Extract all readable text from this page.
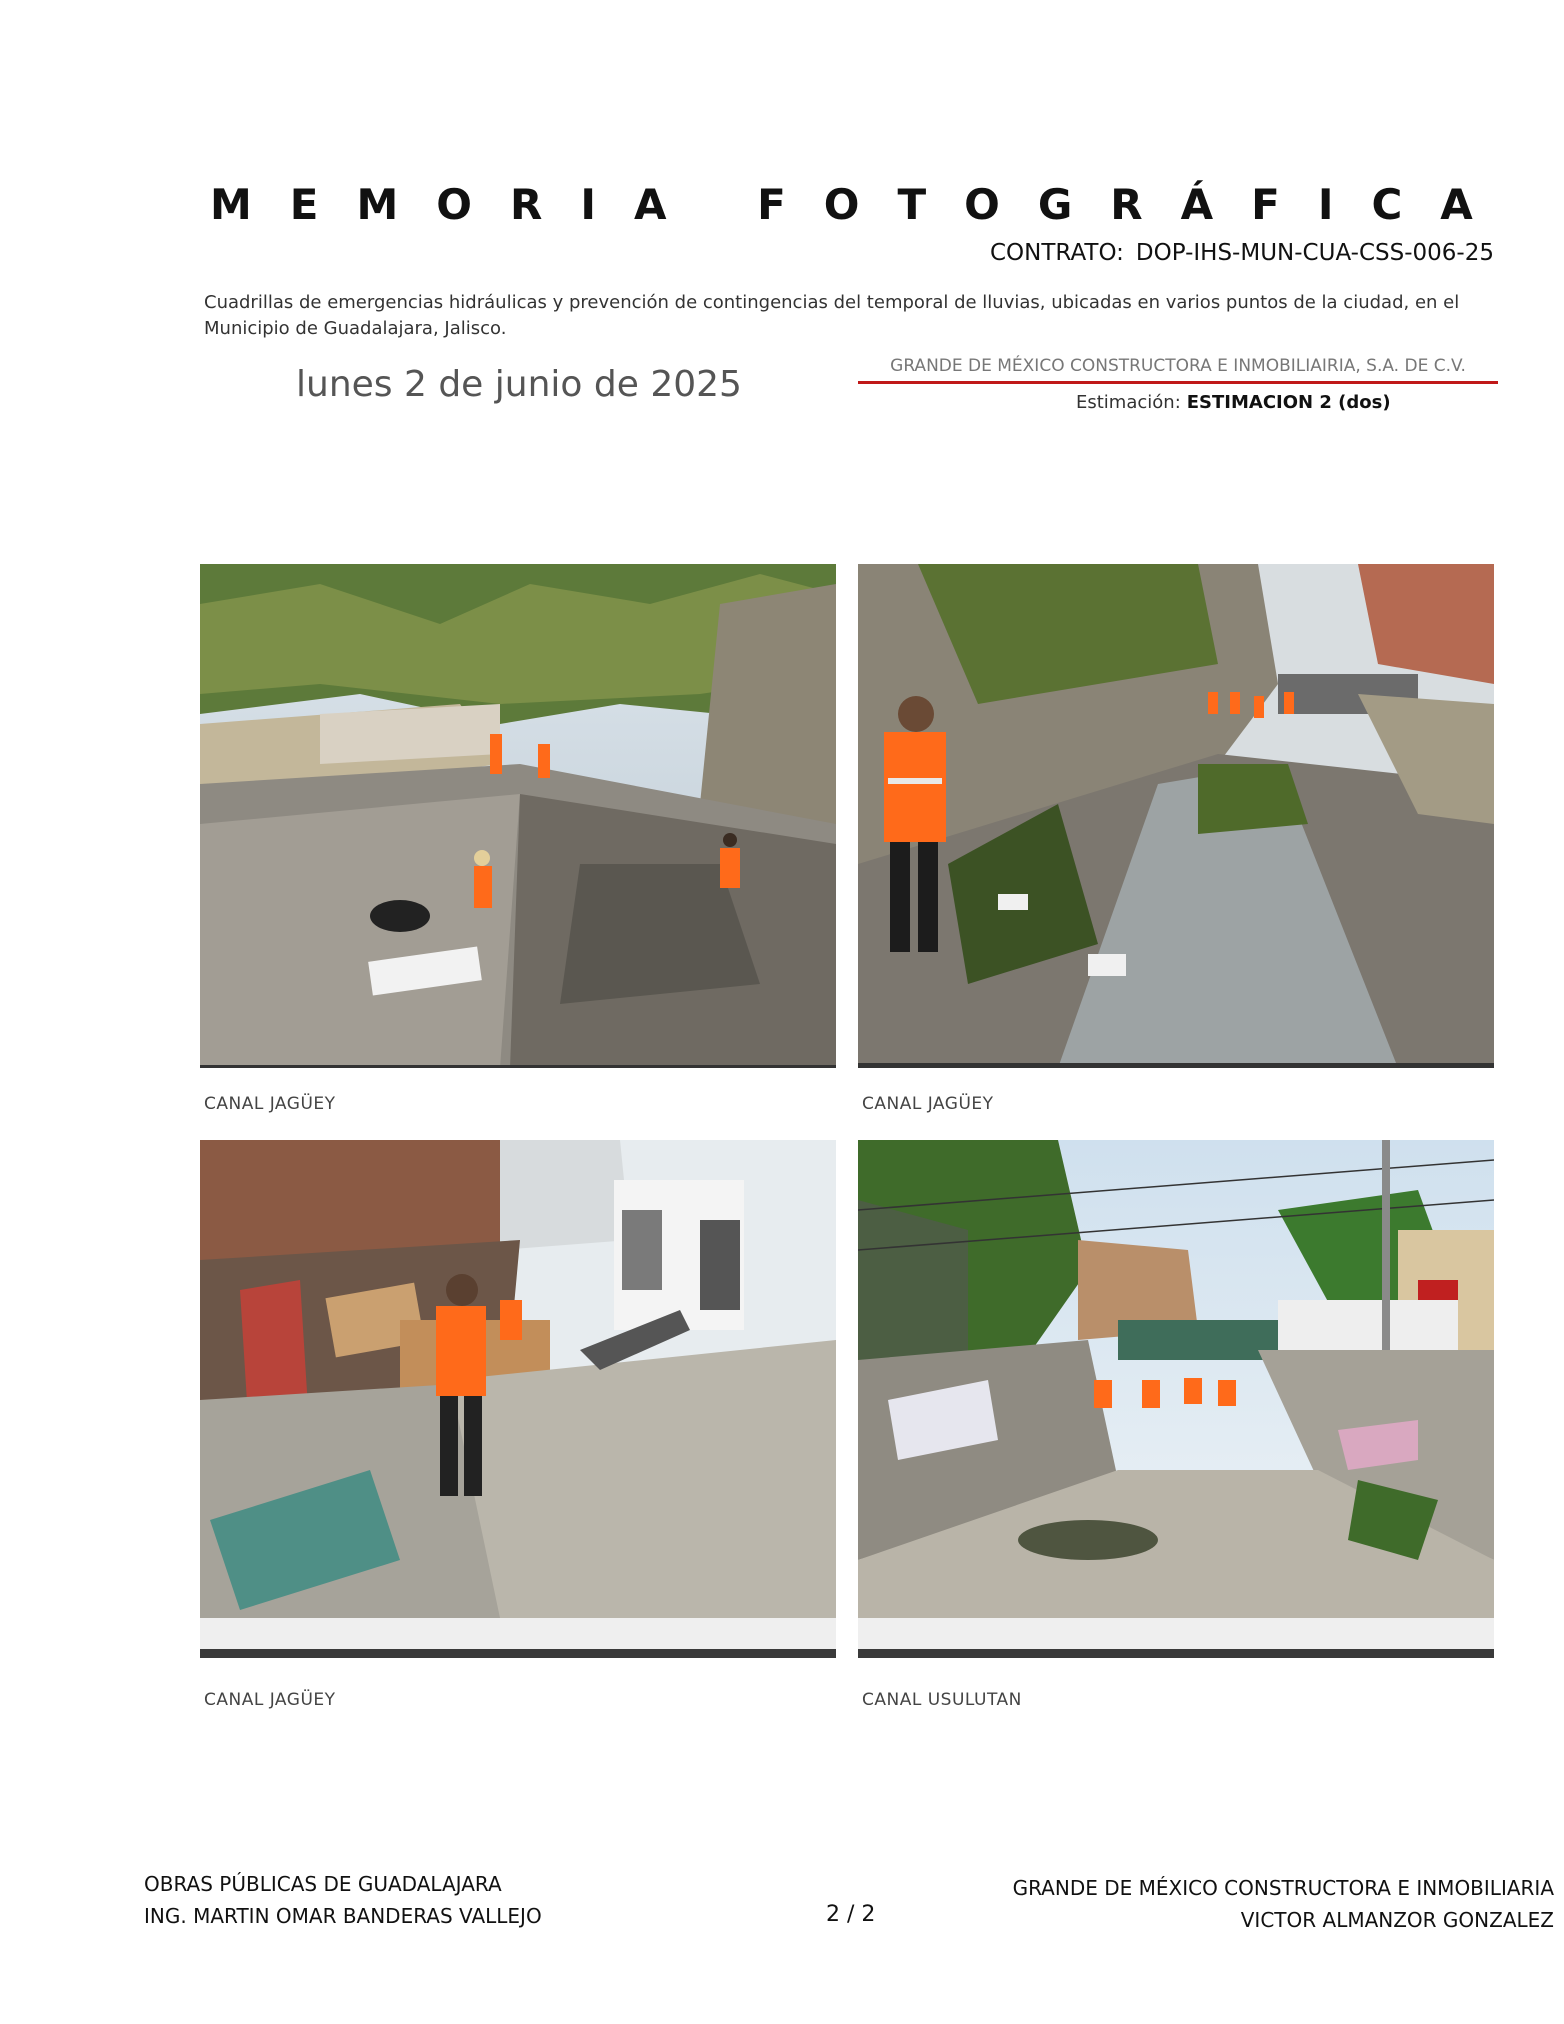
MEMORIA FOTOGRÁFICA
CONTRATO: DOP-IHS-MUN-CUA-CSS-006-25
Cuadrillas de emergencias hidráulicas y prevención de contingencias del temporal de lluvias, ubicadas en varios puntos de la ciudad, en el Municipio de Guadalajara, Jalisco.
lunes 2 de junio de 2025	GRANDE DE MÉXICO CONSTRUCTORA E INMOBILIAIRIA, S.A. DE C.V.
Estimación: ESTIMACION 2 (dos)
CANAL JAGÜEY	CANAL JAGÜEY
CANAL JAGÜEY	CANAL USULUTAN
OBRAS PÚBLICAS DE GUADALAJARA
ING. MARTIN OMAR BANDERAS VALLEJO	2 / 2
GRANDE DE MÉXICO CONSTRUCTORA E INMOBILIARIA
VICTOR ALMANZOR GONZALEZ
